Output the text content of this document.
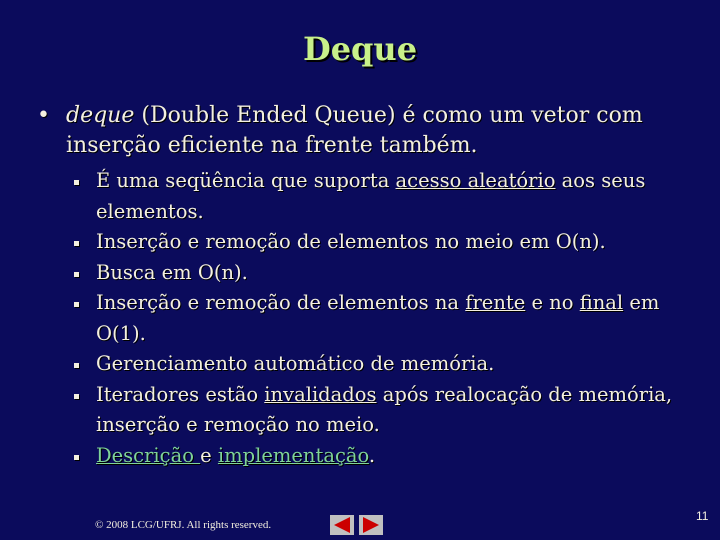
Deque
• deque (Double Ended Queue) é como um vetor com inserção eficiente na frente também.
É uma seqüência que suporta acesso aleatório aos seus elementos.
Inserção e remoção de elementos no meio em O(n).
Busca em O(n).
Inserção e remoção de elementos na frente e no final em O(1).
Gerenciamento automático de memória.
Iteradores estão invalidados após realocação de memória, inserção e remoção no meio.
Descrição e implementação.
© 2008 LCG/UFRJ. All rights reserved.
11
